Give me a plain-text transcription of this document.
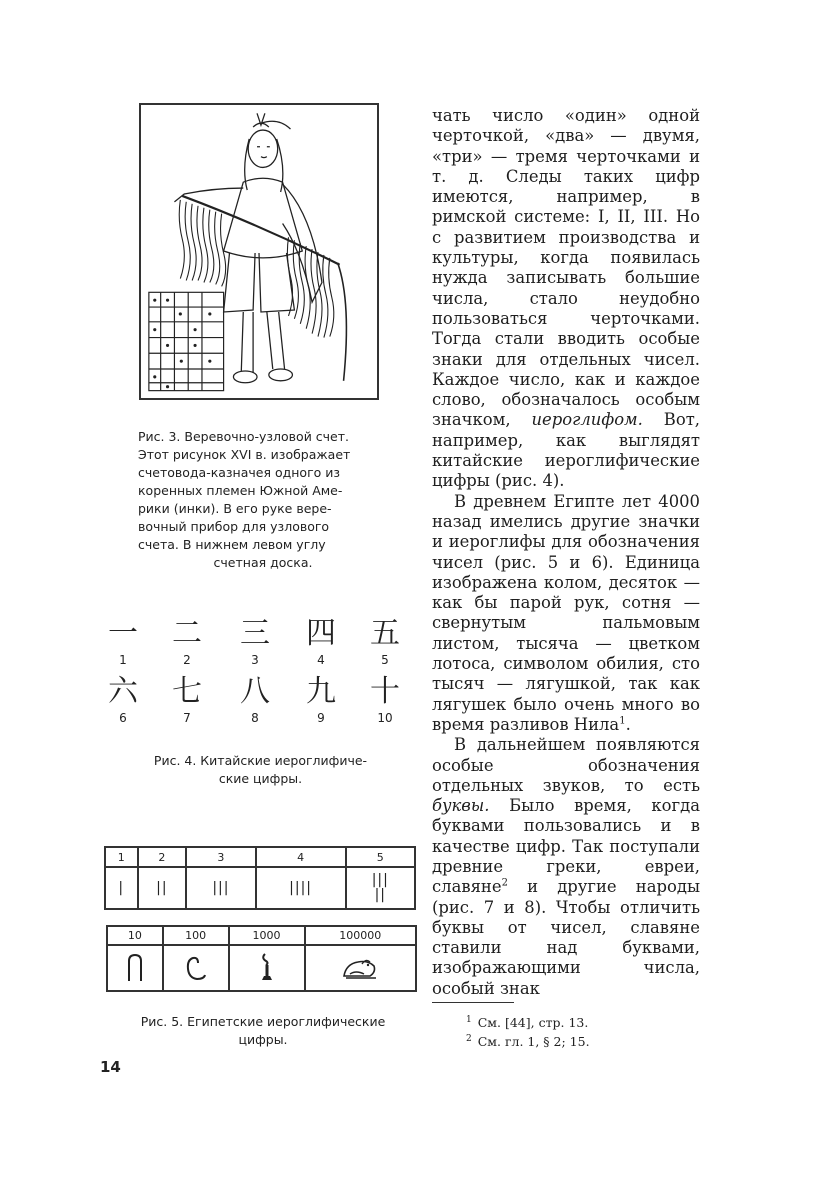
Рис. 3. Веревочно-узловой счет.
Этот рисунок XVI в. изображает
счетовода-казначея одного из
коренных племен Южной Аме-
рики (инки). В его руке вере-
вочный прибор для узлового
счета. В нижнем левом углу

счетная доска.
一
1
二
2
三
3
四
4
五
5
六
6
七
7
八
8
九
9
十
10
Рис. 4. Китайские иероглифиче-
ские цифры.
1	2	3	4	5
|	||	|||	||||	|||
||
10	100	1000	100000

Рис. 5. Египетские иероглифические
цифры.

чать число «один» одной черточкой, «два» — двумя, «три» — тремя черточками и т. д. Следы таких цифр имеются, например, в римской системе: I, II, III. Но с развитием производства и культуры, когда появилась нужда записывать большие числа, стало неудобно пользоваться черточками. Тогда стали вводить особые знаки для отдельных чисел. Каждое число, как и каждое слово, обозначалось особым значком, иероглифом. Вот, например, как выглядят китайские иероглифические цифры (рис. 4).

В древнем Египте лет 4000 назад имелись другие значки и иероглифы для обозначения чисел (рис. 5 и 6). Единица изображена колом, десяток — как бы парой рук, сотня — свернутым пальмовым листом, тысяча — цветком лотоса, символом обилия, сто тысяч — лягушкой, так как лягушек было очень много во время разливов Нила$^1$.

В дальнейшем появляются особые обозначения отдельных звуков, то есть буквы. Было время, когда буквами пользовались и в качестве цифр. Так поступали древние греки, евреи, славяне$^2$ и другие народы (рис. 7 и 8). Чтобы отличить буквы от чисел, славяне ставили над буквами, изображающими числа, особый знак

$^1$ См. [44], стр. 13.
$^2$ См. гл. 1, § 2; 15.
14
